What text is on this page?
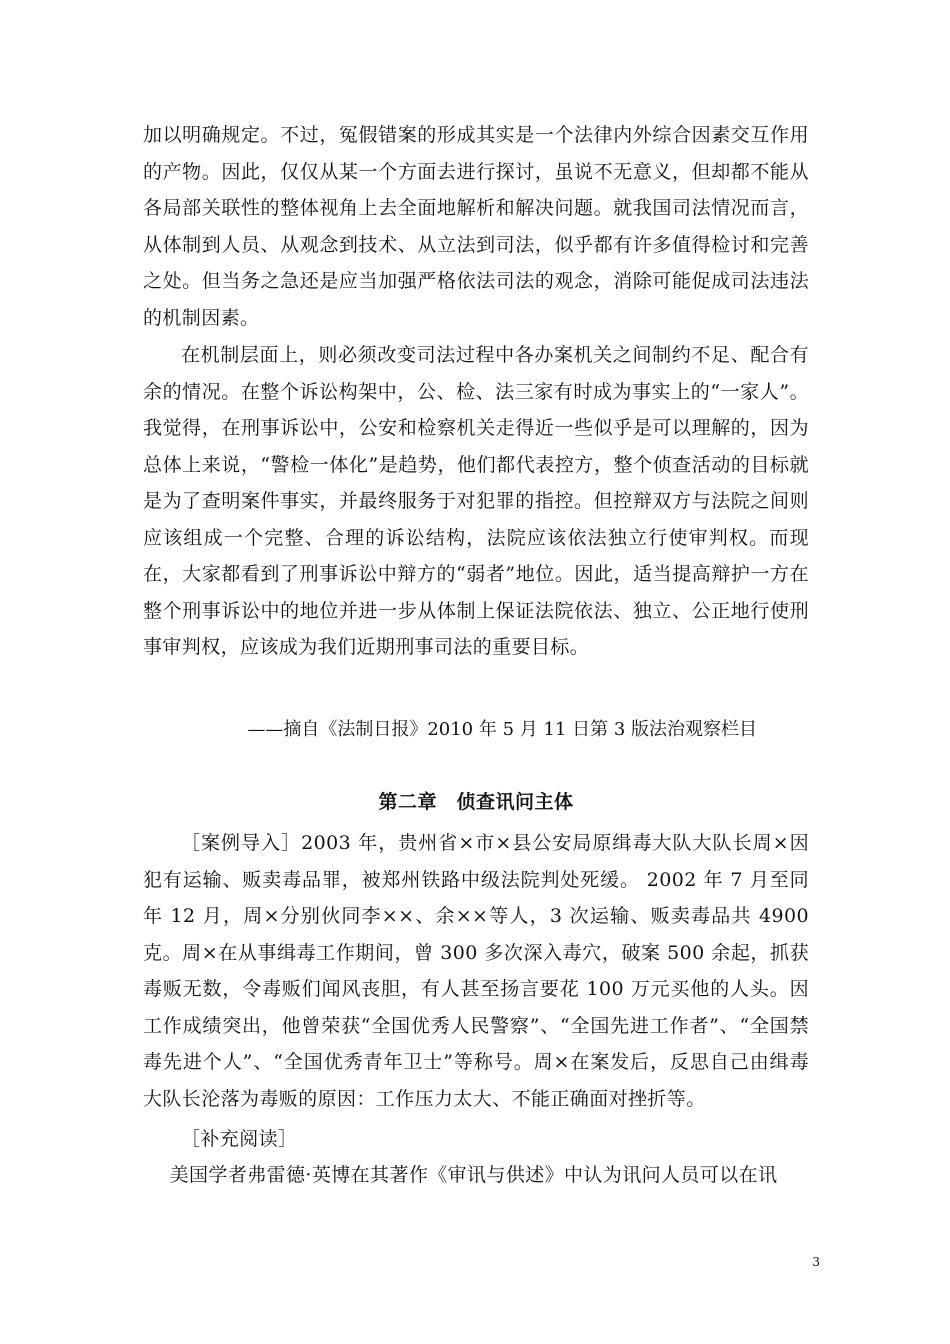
加以明确规定。不过，冤假错案的形成其实是一个法律内外综合因素交互作用的产物。因此，仅仅从某一个方面去进行探讨，虽说不无意义，但却都不能从各局部关联性的整体视角上去全面地解析和解决问题。就我国司法情况而言，从体制到人员、从观念到技术、从立法到司法，似乎都有许多值得检讨和完善之处。但当务之急还是应当加强严格依法司法的观念，消除可能促成司法违法的机制因素。

在机制层面上，则必须改变司法过程中各办案机关之间制约不足、配合有余的情况。在整个诉讼构架中，公、检、法三家有时成为事实上的“一家人”。我觉得，在刑事诉讼中，公安和检察机关走得近一些似乎是可以理解的，因为总体上来说，“警检一体化”是趋势，他们都代表控方，整个侦查活动的目标就是为了查明案件事实，并最终服务于对犯罪的指控。但控辩双方与法院之间则应该组成一个完整、合理的诉讼结构，法院应该依法独立行使审判权。而现在，大家都看到了刑事诉讼中辩方的“弱者”地位。因此，适当提高辩护一方在整个刑事诉讼中的地位并进一步从体制上保证法院依法、独立、公正地行使刑事审判权，应该成为我们近期刑事司法的重要目标。

——摘自《法制日报》2010 年 5 月 11 日第 3 版法治观察栏目

第二章　侦查讯问主体

［案例导入］2003 年，贵州省×市×县公安局原缉毒大队大队长周×因犯有运输、贩卖毒品罪，被郑州铁路中级法院判处死缓。 2002 年 7 月至同年 12 月，周×分别伙同李××、余××等人，3 次运输、贩卖毒品共 4900 克。周×在从事缉毒工作期间，曾 300 多次深入毒穴，破案 500 余起，抓获毒贩无数，令毒贩们闻风丧胆，有人甚至扬言要花 100 万元买他的人头。因工作成绩突出，他曾荣获“全国优秀人民警察”、“全国先进工作者”、“全国禁毒先进个人”、“全国优秀青年卫士”等称号。周×在案发后，反思自己由缉毒大队长沦落为毒贩的原因：工作压力太大、不能正确面对挫折等。

［补充阅读］

美国学者弗雷德·英博在其著作《审讯与供述》中认为讯问人员可以在讯

3
